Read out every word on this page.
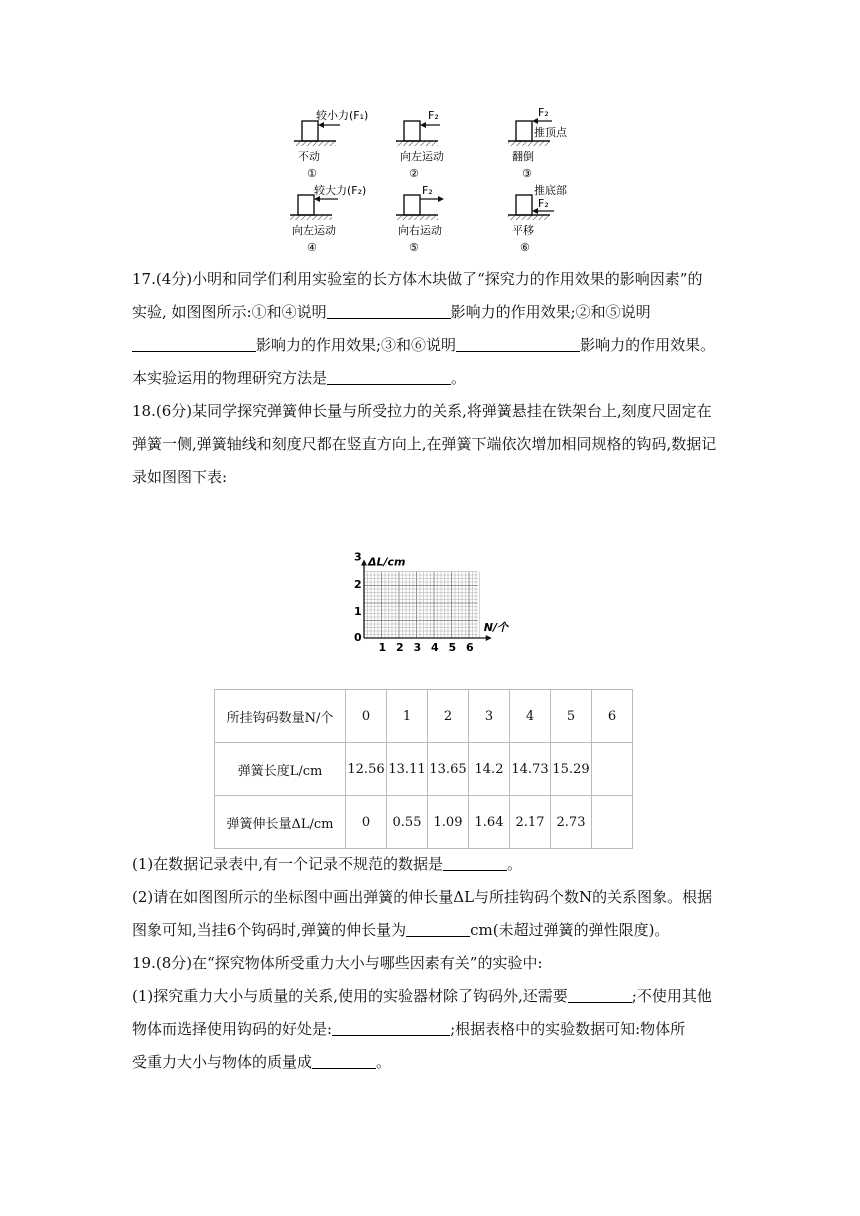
较小力(F₁)
不动
①
F₂
向左运动
②
F₂
推顶点
翻倒
③
较大力(F₂)
向左运动
④
F₂
向右运动
⑤
推底部
F₂
平移
⑥
17.(4分)小明和同学们利用实验室的长方体木块做了“探究力的作用效果的影响因素”的
实验, 如图图所示:①和④说明	影响力的作用效果;②和⑤说明
影响力的作用效果;③和⑥说明	影响力的作用效果。
本实验运用的物理研究方法是	。
18.(6分)某同学探究弹簧伸长量与所受拉力的关系,将弹簧悬挂在铁架台上,刻度尺固定在
弹簧一侧,弹簧轴线和刻度尺都在竖直方向上,在弹簧下端依次增加相同规格的钩码,数据记
录如图图下表:
1 2 3 4 5 6
1
2
3
0
ΔL/cm
N/个
所挂钩码数量N/个	0	1	2	3	4	5	6
弹簧长度L/cm	12.56	13.11	13.65	14.2	14.73	15.29	
弹簧伸长量ΔL/cm	0	0.55	1.09	1.64	2.17	2.73	
(1)在数据记录表中,有一个记录不规范的数据是	。
(2)请在如图图所示的坐标图中画出弹簧的伸长量ΔL与所挂钩码个数N的关系图象。根据
图象可知,当挂6个钩码时,弹簧的伸长量为	cm(未超过弹簧的弹性限度)。
19.(8分)在“探究物体所受重力大小与哪些因素有关”的实验中:
(1)探究重力大小与质量的关系,使用的实验器材除了钩码外,还需要	;不使用其他
物体而选择使用钩码的好处是:	;根据表格中的实验数据可知:物体所
受重力大小与物体的质量成	。
